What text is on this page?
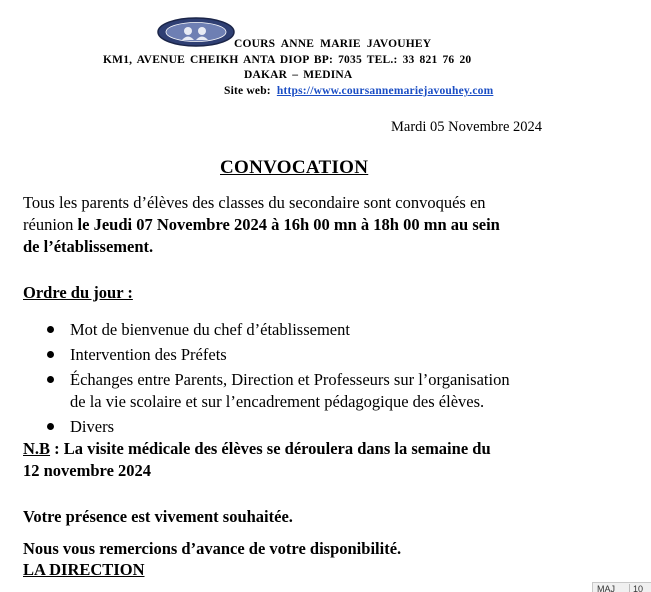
COURS ANNE MARIE JAVOUHEY
KM1, AVENUE CHEIKH ANTA DIOP BP: 7035 TEL.: 33 821 76 20
DAKAR – MEDINA
Site web: https://www.coursannemariejavouhey.com
Mardi 05 Novembre 2024
CONVOCATION
Tous les parents d’élèves des classes du secondaire sont convoqués en
réunion le Jeudi 07 Novembre 2024 à 16h 00 mn à 18h 00 mn au sein
de l’établissement.
Ordre du jour :
Mot de bienvenue du chef d’établissement
Intervention des Préfets
Échanges entre Parents, Direction et Professeurs sur l’organisation
de la vie scolaire et sur l’encadrement pédagogique des élèves.
Divers
N.B : La visite médicale des élèves se déroulera dans la semaine du
12 novembre 2024
Votre présence est vivement souhaitée.
Nous vous remercions d’avance de votre disponibilité.
LA DIRECTION
MAJ 10
